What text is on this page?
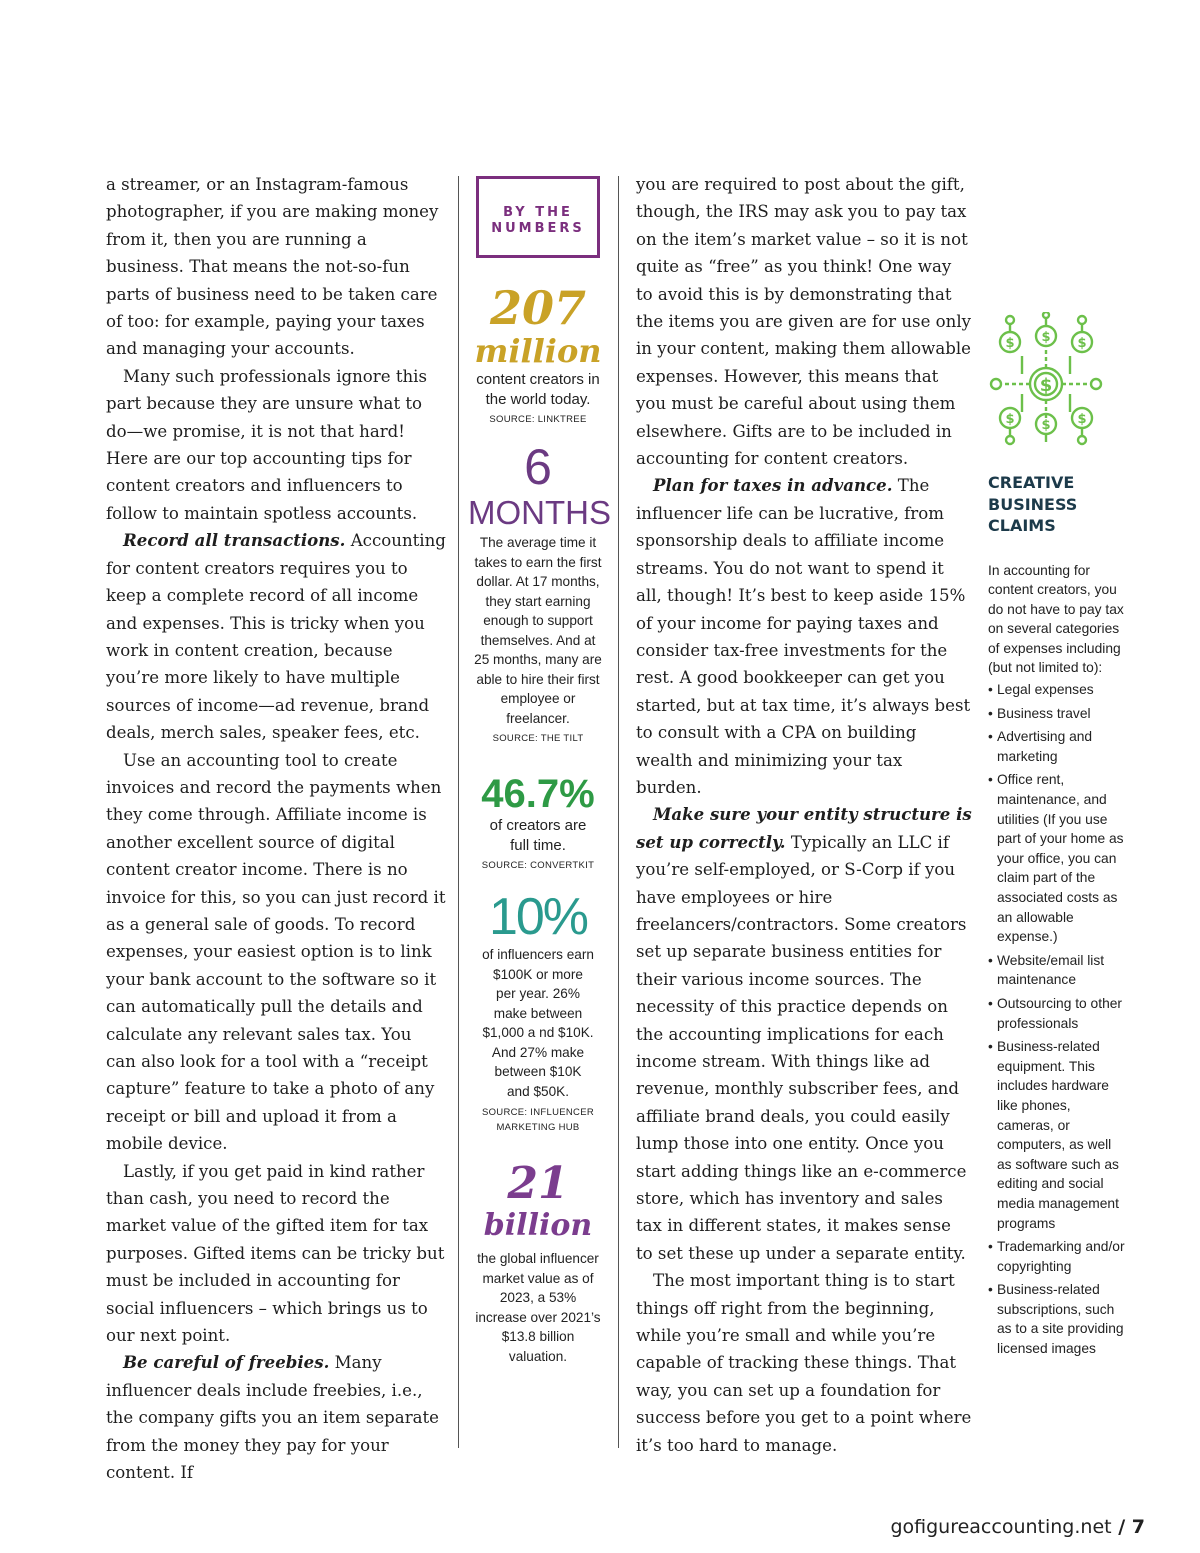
a streamer, or an Instagram-famous photographer, if you are making money from it, then you are running a business. That means the not-so-fun parts of business need to be taken care of too: for example, paying your taxes and managing your accounts.

Many such professionals ignore this part because they are unsure what to do—we promise, it is not that hard! Here are our top accounting tips for content creators and influencers to follow to maintain spotless accounts.

Record all transactions. Accounting for content creators requires you to keep a complete record of all income and expenses. This is tricky when you work in content creation, because you’re more likely to have multiple sources of income—ad revenue, brand deals, merch sales, speaker fees, etc.

Use an accounting tool to create invoices and record the payments when they come through. Affiliate income is another excellent source of digital content creator income. There is no invoice for this, so you can just record it as a general sale of goods. To record expenses, your easiest option is to link your bank account to the software so it can automatically pull the details and calculate any relevant sales tax. You can also look for a tool with a “receipt capture” feature to take a photo of any receipt or bill and upload it from a mobile device.

Lastly, if you get paid in kind rather than cash, you need to record the market value of the gifted item for tax purposes. Gifted items can be tricky but must be included in accounting for social influencers – which brings us to our next point.

Be careful of freebies. Many influencer deals include freebies, i.e., the company gifts you an item separate from the money they pay for your content. If

BY THE
NUMBERS
207
million
content creators in the world today.
SOURCE: LINKTREE
6
MONTHS
The average time it takes to earn the first dollar. At 17 months, they start earning enough to support themselves. And at 25 months, many are able to hire their first employee or freelancer.
SOURCE: THE TILT
46.7%
of creators are full time.
SOURCE: CONVERTKIT
10%
of influencers earn $100K or more per year. 26% make between $1,000 a nd $10K. And 27% make between $10K and $50K.
SOURCE: INFLUENCER MARKETING HUB
21
billion
the global influencer market value as of 2023, a 53% increase over 2021’s $13.8 billion valuation.

you are required to post about the gift, though, the IRS may ask you to pay tax on the item’s market value – so it is not quite as “free” as you think! One way to avoid this is by demonstrating that the items you are given are for use only in your content, making them allowable expenses. However, this means that you must be careful about using them elsewhere. Gifts are to be included in accounting for content creators.

Plan for taxes in advance. The influencer life can be lucrative, from sponsorship deals to affiliate income streams. You do not want to spend it all, though! It’s best to keep aside 15% of your income for paying taxes and consider tax-free investments for the rest. A good bookkeeper can get you started, but at tax time, it’s always best to consult with a CPA on building wealth and minimizing your tax burden.

Make sure your entity structure is set up correctly. Typically an LLC if you’re self-employed, or S-Corp if you have employees or hire freelancers/contractors. Some creators set up separate business entities for their various income sources. The necessity of this practice depends on the accounting implications for each income stream. With things like ad revenue, monthly subscriber fees, and affiliate brand deals, you could easily lump those into one entity. Once you start adding things like an e-commerce store, which has inventory and sales tax in different states, it makes sense to set these up under a separate entity.

The most important thing is to start things off right from the beginning, while you’re small and while you’re capable of tracking these things. That way, you can set up a foundation for success before you get to a point where it’s too hard to manage.

$
$ $ $
$ $ $
CREATIVE BUSINESS CLAIMS
In accounting for content creators, you do not have to pay tax on several categories of expenses including (but not limited to):
• Legal expenses
• Business travel
• Advertising and marketing
• Office rent, maintenance, and utilities (If you use part of your home as your office, you can claim part of the associated costs as an allowable expense.)
• Website/email list maintenance
• Outsourcing to other professionals
• Business-related equipment. This includes hardware like phones, cameras, or computers, as well as software such as editing and social media management programs
• Trademarking and/or copyrighting
• Business-related subscriptions, such as to a site providing licensed images
gofigureaccounting.net / 7
